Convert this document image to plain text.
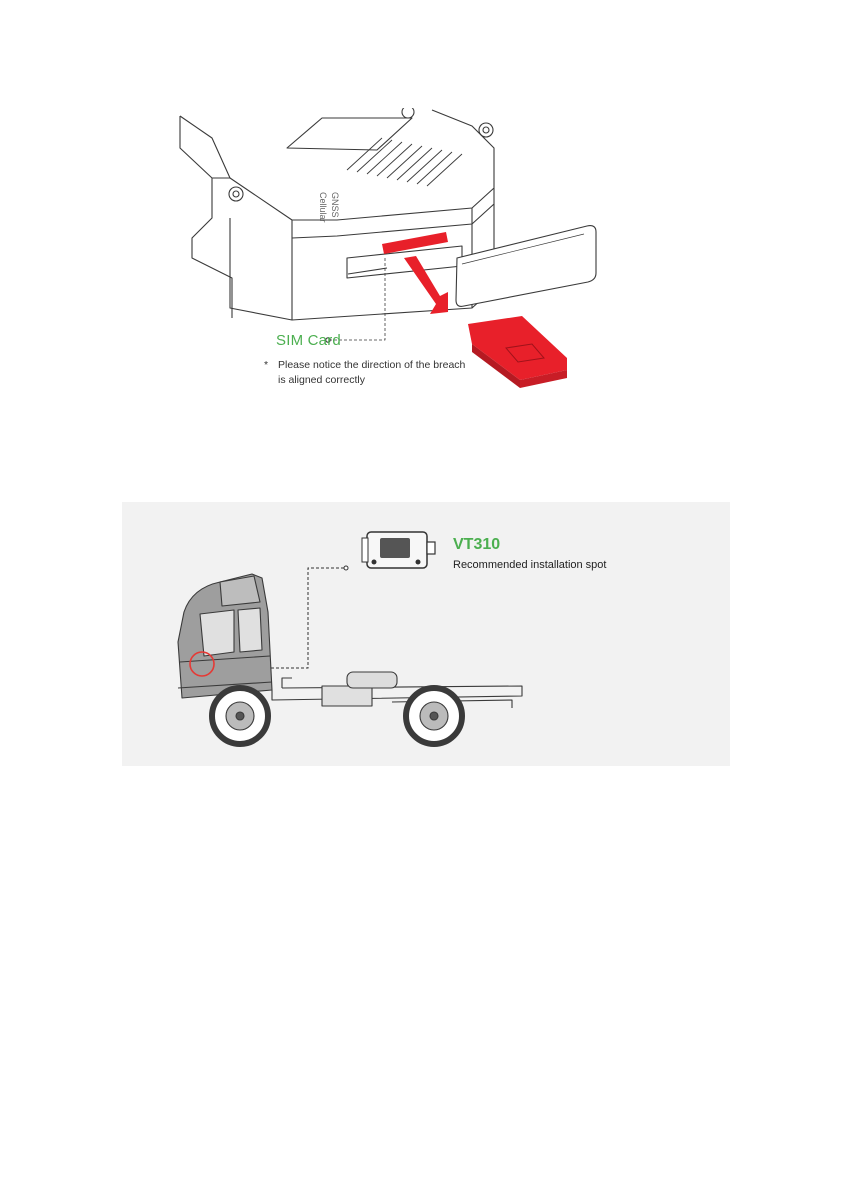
Cellular GNSS
SIM Card
* Please notice the direction of the breach
is aligned correctly
VT310
Recommended installation spot
